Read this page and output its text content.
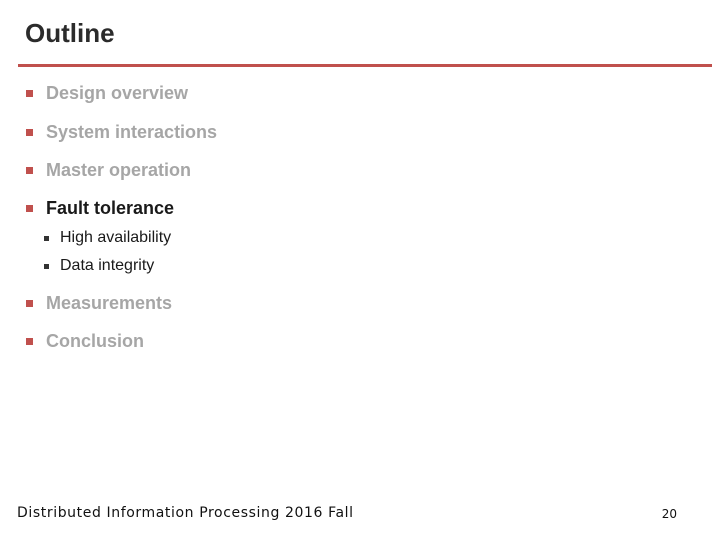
Outline
Design overview
System interactions
Master operation
Fault tolerance
High availability
Data integrity
Measurements
Conclusion
Distributed Information Processing 2016 Fall	20
